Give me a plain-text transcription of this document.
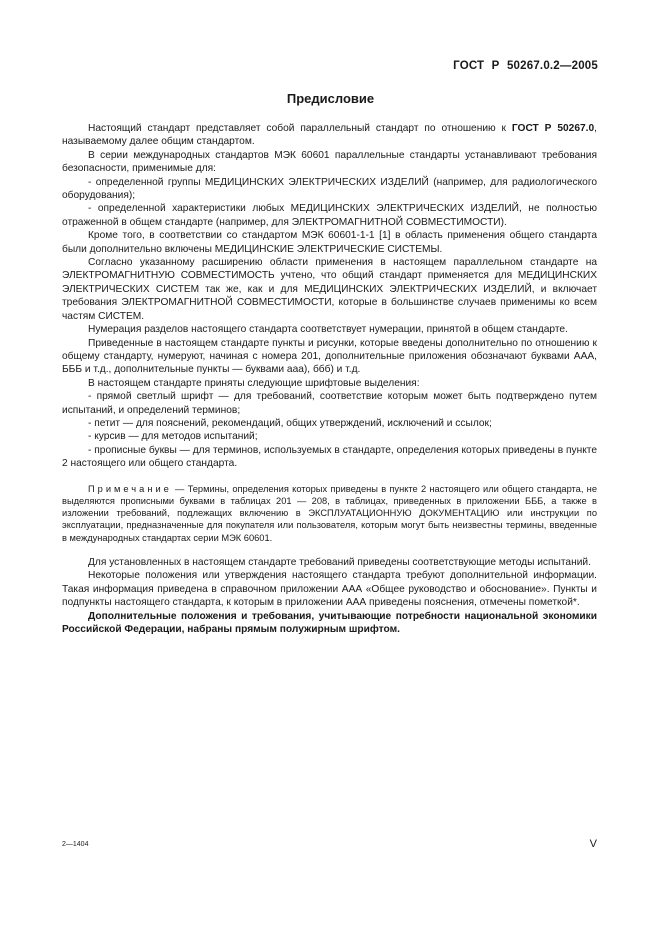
ГОСТ Р 50267.0.2—2005
Предисловие

Настоящий стандарт представляет собой параллельный стандарт по отношению к ГОСТ Р 50267.0, называемому далее общим стандартом.

В серии международных стандартов МЭК 60601 параллельные стандарты устанавливают требования безопасности, применимые для:

- определенной группы МЕДИЦИНСКИХ ЭЛЕКТРИЧЕСКИХ ИЗДЕЛИЙ (например, для радиологического оборудования);

- определенной характеристики любых МЕДИЦИНСКИХ ЭЛЕКТРИЧЕСКИХ ИЗДЕЛИЙ, не полностью отраженной в общем стандарте (например, для ЭЛЕКТРОМАГНИТНОЙ СОВМЕСТИМОСТИ).

Кроме того, в соответствии со стандартом МЭК 60601-1-1 [1] в область применения общего стандарта были дополнительно включены МЕДИЦИНСКИЕ ЭЛЕКТРИЧЕСКИЕ СИСТЕМЫ.

Согласно указанному расширению области применения в настоящем параллельном стандарте на ЭЛЕКТРОМАГНИТНУЮ СОВМЕСТИМОСТЬ учтено, что общий стандарт применяется для МЕДИЦИНСКИХ ЭЛЕКТРИЧЕСКИХ СИСТЕМ так же, как и для МЕДИЦИНСКИХ ЭЛЕКТРИЧЕСКИХ ИЗДЕЛИЙ, и включает требования ЭЛЕКТРОМАГНИТНОЙ СОВМЕСТИМОСТИ, которые в большинстве случаев применимы ко всем частям СИСТЕМ.

Нумерация разделов настоящего стандарта соответствует нумерации, принятой в общем стандарте.

Приведенные в настоящем стандарте пункты и рисунки, которые введены дополнительно по отношению к общему стандарту, нумеруют, начиная с номера 201, дополнительные приложения обозначают буквами ААА, БББ и т.д., дополнительные пункты — буквами ааа), ббб) и т.д.

В настоящем стандарте приняты следующие шрифтовые выделения:

- прямой светлый шрифт — для требований, соответствие которым может быть подтверждено путем испытаний, и определений терминов;

- петит — для пояснений, рекомендаций, общих утверждений, исключений и ссылок;

- курсив — для методов испытаний;

- прописные буквы — для терминов, используемых в стандарте, определения которых приведены в пункте 2 настоящего или общего стандарта.

Примечание — Термины, определения которых приведены в пункте 2 настоящего или общего стандарта, не выделяются прописными буквами в таблицах 201 — 208, в таблицах, приведенных в приложении БББ, а также в изложении требований, подлежащих включению в ЭКСПЛУАТАЦИОННУЮ ДОКУМЕНТАЦИЮ или инструкции по эксплуатации, предназначенные для покупателя или пользователя, которым могут быть неизвестны термины, введенные в международных стандартах серии МЭК 60601.

Для установленных в настоящем стандарте требований приведены соответствующие методы испытаний.

Некоторые положения или утверждения настоящего стандарта требуют дополнительной информации. Такая информация приведена в справочном приложении ААА «Общее руководство и обоснование». Пункты и подпункты настоящего стандарта, к которым в приложении ААА приведены пояснения, отмечены пометкой*.

Дополнительные положения и требования, учитывающие потребности национальной экономики Российской Федерации, набраны прямым полужирным шрифтом.

2—1404	V
